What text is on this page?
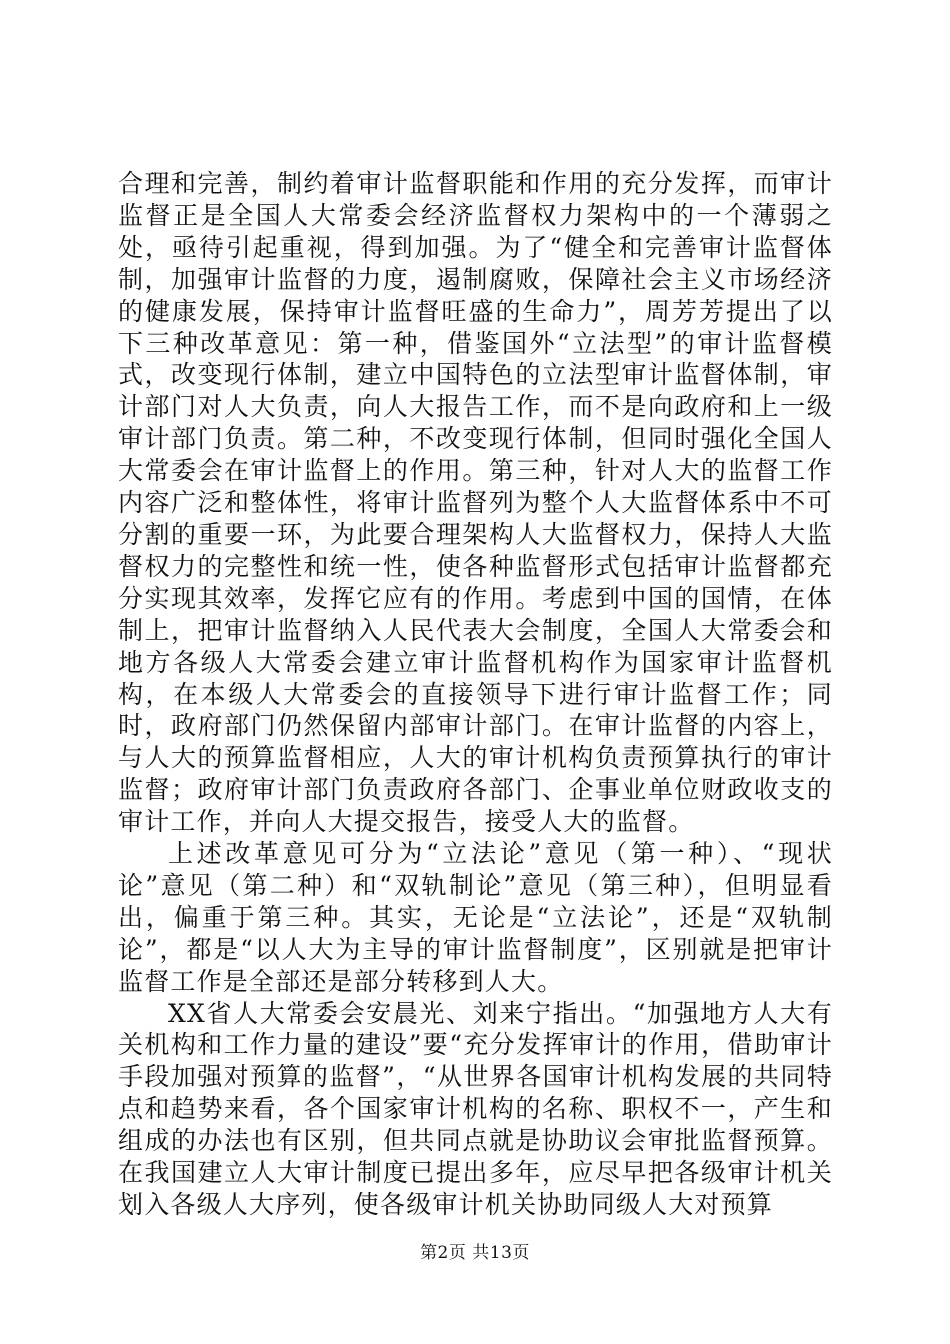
合理和完善，制约着审计监督职能和作用的充分发挥，而审计监督正是全国人大常委会经济监督权力架构中的一个薄弱之处，亟待引起重视，得到加强。为了“健全和完善审计监督体制，加强审计监督的力度，遏制腐败，保障社会主义市场经济的健康发展，保持审计监督旺盛的生命力”，周芳芳提出了以下三种改革意见：第一种，借鉴国外“立法型”的审计监督模式，改变现行体制，建立中国特色的立法型审计监督体制，审计部门对人大负责，向人大报告工作，而不是向政府和上一级审计部门负责。第二种，不改变现行体制，但同时强化全国人大常委会在审计监督上的作用。第三种，针对人大的监督工作内容广泛和整体性，将审计监督列为整个人大监督体系中不可分割的重要一环，为此要合理架构人大监督权力，保持人大监督权力的完整性和统一性，使各种监督形式包括审计监督都充分实现其效率，发挥它应有的作用。考虑到中国的国情，在体制上，把审计监督纳入人民代表大会制度，全国人大常委会和地方各级人大常委会建立审计监督机构作为国家审计监督机构，在本级人大常委会的直接领导下进行审计监督工作；同时，政府部门仍然保留内部审计部门。在审计监督的内容上，与人大的预算监督相应，人大的审计机构负责预算执行的审计监督；政府审计部门负责政府各部门、企事业单位财政收支的审计工作，并向人大提交报告，接受人大的监督。

上述改革意见可分为“立法论”意见（第一种）、“现状论”意见（第二种）和“双轨制论”意见（第三种），但明显看出，偏重于第三种。其实，无论是“立法论”，还是“双轨制论”，都是“以人大为主导的审计监督制度”，区别就是把审计监督工作是全部还是部分转移到人大。

XX省人大常委会安晨光、刘来宁指出。“加强地方人大有关机构和工作力量的建设”要“充分发挥审计的作用，借助审计手段加强对预算的监督”，“从世界各国审计机构发展的共同特点和趋势来看，各个国家审计机构的名称、职权不一，产生和组成的办法也有区别，但共同点就是协助议会审批监督预算。在我国建立人大审计制度已提出多年，应尽早把各级审计机关划入各级人大序列，使各级审计机关协助同级人大对预算

第2页 共13页
